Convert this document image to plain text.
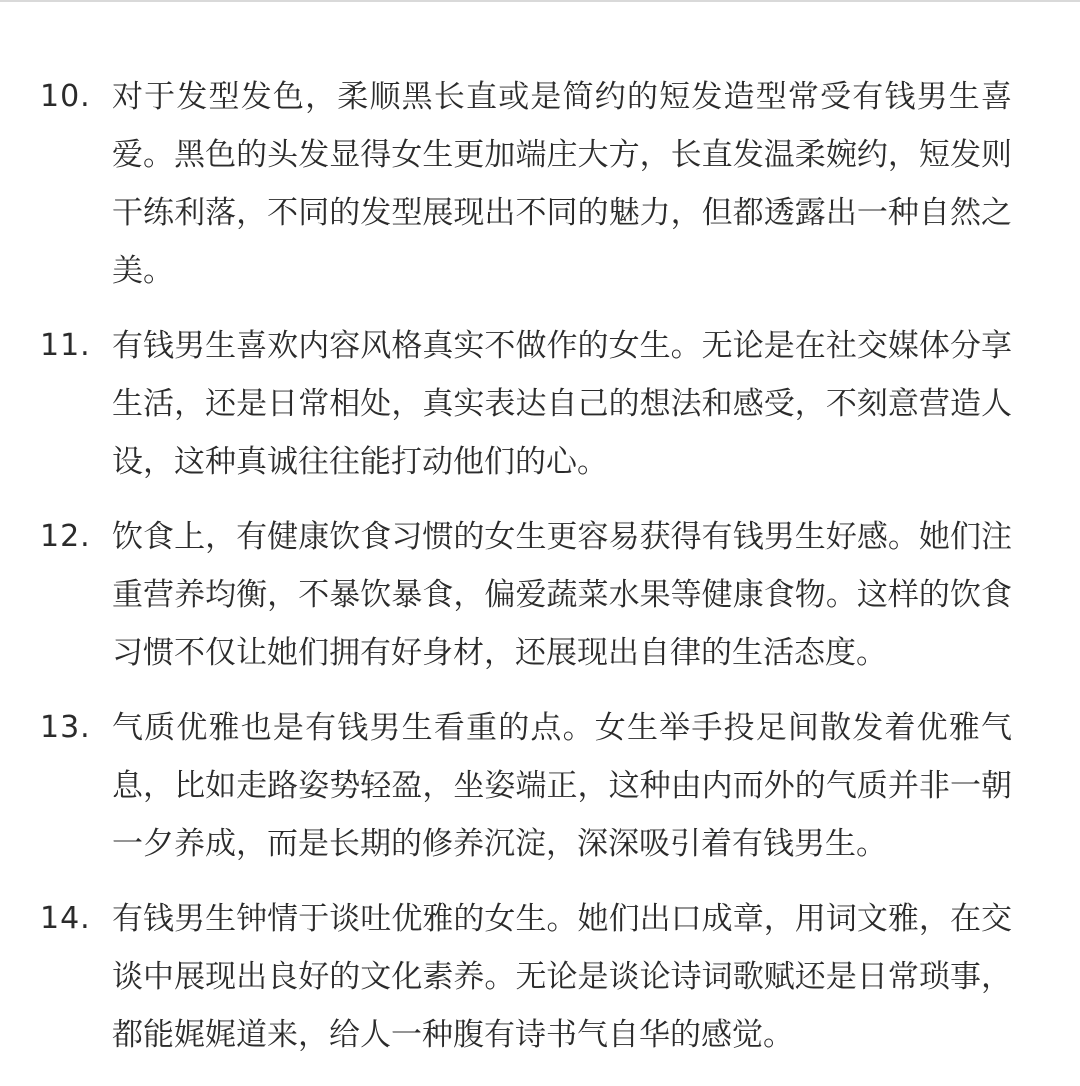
10. 对于发型发色，柔顺黑长直或是简约的短发造型常受有钱男生喜爱。黑色的头发显得女生更加端庄大方，长直发温柔婉约，短发则干练利落，不同的发型展现出不同的魅力，但都透露出一种自然之美。
11. 有钱男生喜欢内容风格真实不做作的女生。无论是在社交媒体分享生活，还是日常相处，真实表达自己的想法和感受，不刻意营造人设，这种真诚往往能打动他们的心。
12. 饮食上，有健康饮食习惯的女生更容易获得有钱男生好感。她们注重营养均衡，不暴饮暴食，偏爱蔬菜水果等健康食物。这样的饮食习惯不仅让她们拥有好身材，还展现出自律的生活态度。
13. 气质优雅也是有钱男生看重的点。女生举手投足间散发着优雅气息，比如走路姿势轻盈，坐姿端正，这种由内而外的气质并非一朝一夕养成，而是长期的修养沉淀，深深吸引着有钱男生。
14. 有钱男生钟情于谈吐优雅的女生。她们出口成章，用词文雅，在交谈中展现出良好的文化素养。无论是谈论诗词歌赋还是日常琐事，都能娓娓道来，给人一种腹有诗书气自华的感觉。
